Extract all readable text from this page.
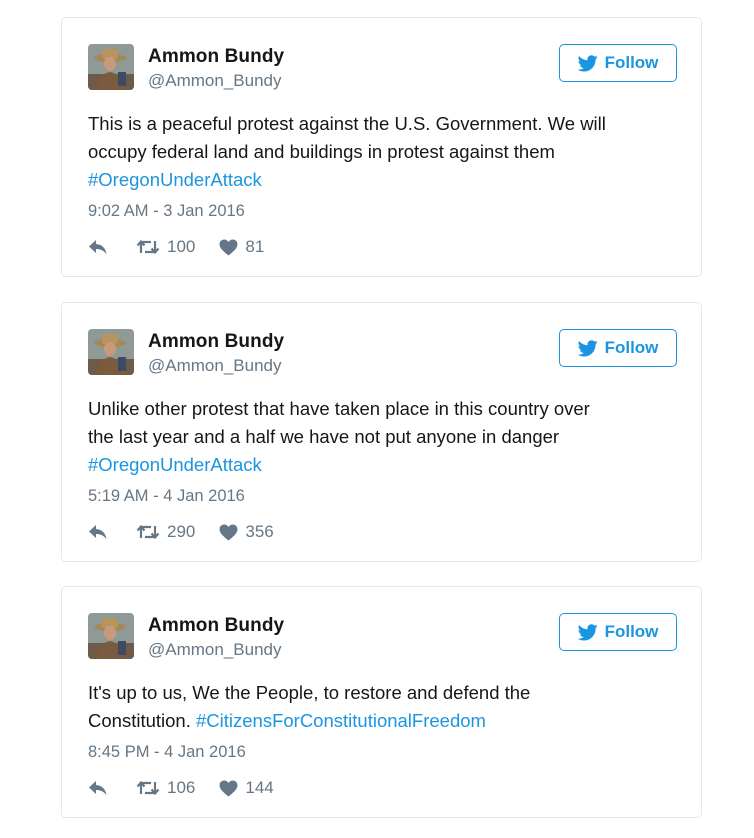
Ammon Bundy
@Ammon_Bundy
Follow
This is a peaceful protest against the U.S. Government. We will
occupy federal land and buildings in protest against them
#OregonUnderAttack
9:02 AM - 3 Jan 2016
100	81
Ammon Bundy
@Ammon_Bundy
Follow
Unlike other protest that have taken place in this country over
the last year and a half we have not put anyone in danger
#OregonUnderAttack
5:19 AM - 4 Jan 2016
290	356
Ammon Bundy
@Ammon_Bundy
Follow
It's up to us, We the People, to restore and defend the
Constitution. #CitizensForConstitutionalFreedom
8:45 PM - 4 Jan 2016
106	144
